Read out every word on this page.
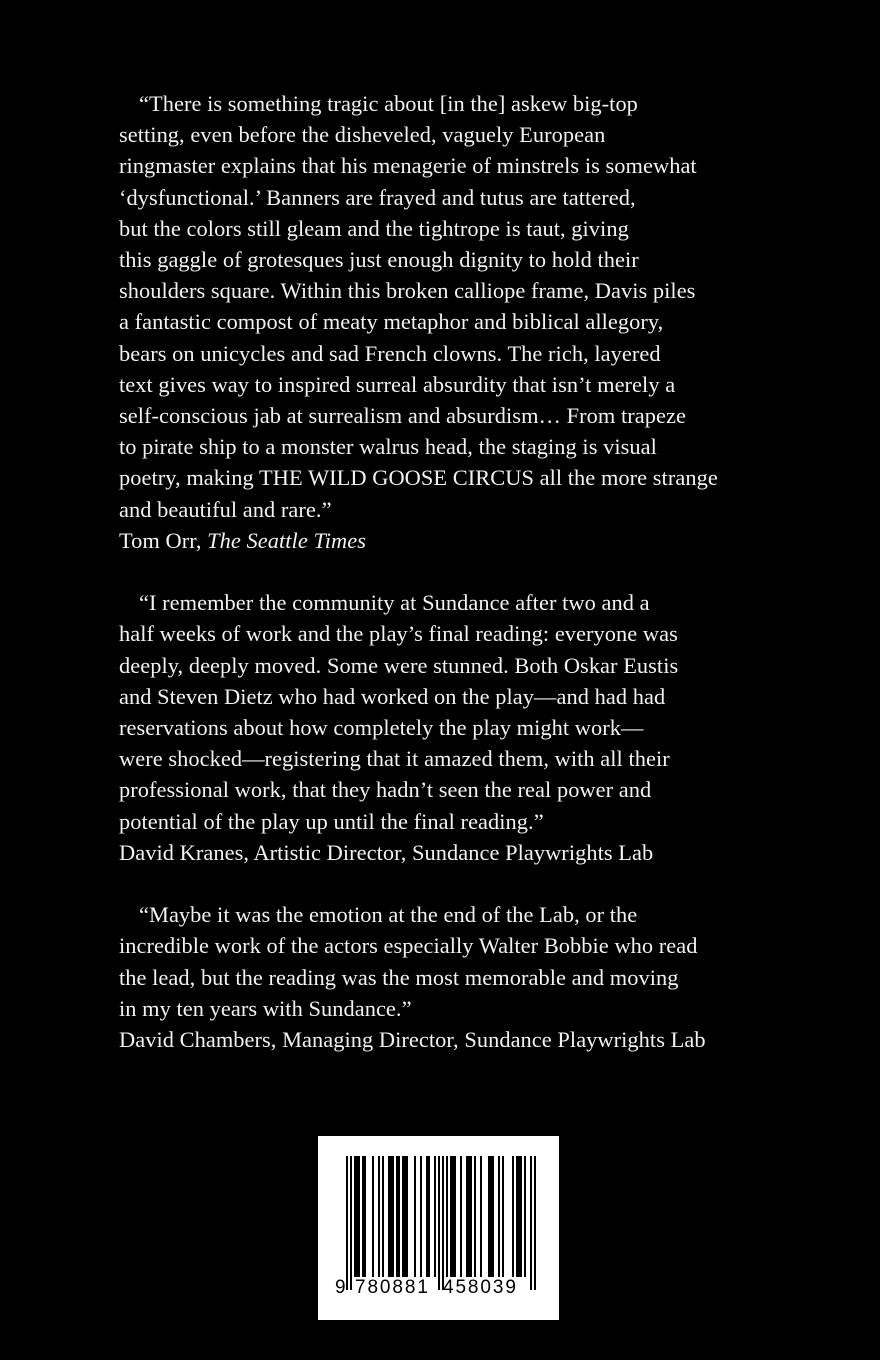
“There is something tragic about [in the] askew big-top
setting, even before the disheveled, vaguely European
ringmaster explains that his menagerie of minstrels is somewhat
‘dysfunctional.’ Banners are frayed and tutus are tattered,
but the colors still gleam and the tightrope is taut, giving
this gaggle of grotesques just enough dignity to hold their
shoulders square. Within this broken calliope frame, Davis piles
a fantastic compost of meaty metaphor and biblical allegory,
bears on unicycles and sad French clowns. The rich, layered
text gives way to inspired surreal absurdity that isn’t merely a
self-conscious jab at surrealism and absurdism… From trapeze
to pirate ship to a monster walrus head, the staging is visual
poetry, making THE WILD GOOSE CIRCUS all the more strange
and beautiful and rare.”
Tom Orr, The Seattle Times
“I remember the community at Sundance after two and a
half weeks of work and the play’s final reading: everyone was
deeply, deeply moved. Some were stunned. Both Oskar Eustis
and Steven Dietz who had worked on the play—and had had
reservations about how completely the play might work—
were shocked—registering that it amazed them, with all their
professional work, that they hadn’t seen the real power and
potential of the play up until the final reading.”
David Kranes, Artistic Director, Sundance Playwrights Lab
“Maybe it was the emotion at the end of the Lab, or the
incredible work of the actors especially Walter Bobbie who read
the lead, but the reading was the most memorable and moving
in my ten years with Sundance.”
David Chambers, Managing Director, Sundance Playwrights Lab
9 780881 458039
